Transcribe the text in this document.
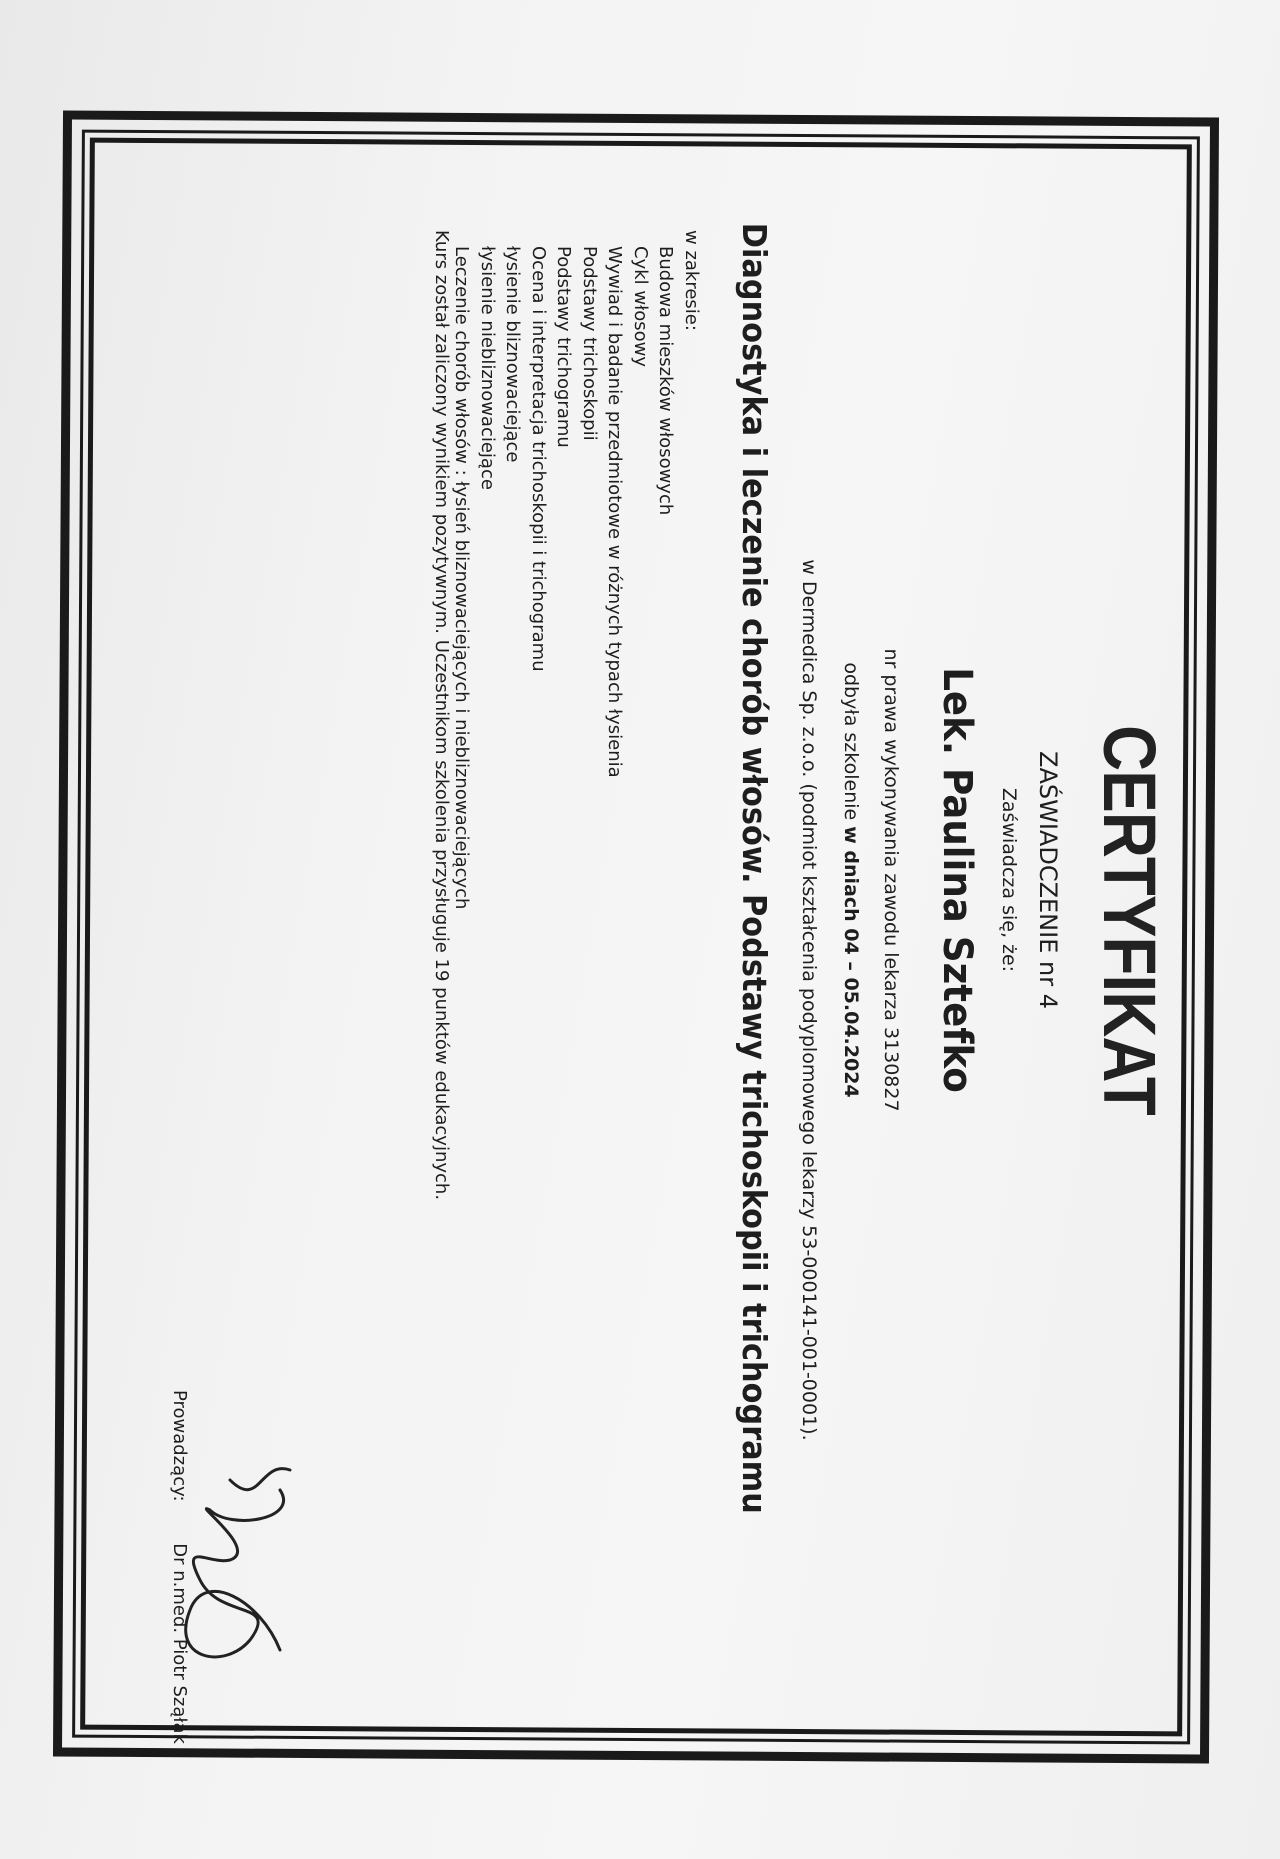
CERTYFIKAT
ZAŚWIADCZENIE nr 4
Zaświadcza się, że:
Lek. Paulina Sztefko
nr prawa wykonywania zawodu lekarza 3130827
odbyła szkolenie w dniach 04 – 05.04.2024
w Dermedica Sp. z.o.o. (podmiot kształcenia podyplomowego lekarzy 53-000141-001-0001).
Diagnostyka i leczenie chorób włosów. Podstawy trichoskopii i trichogramu
w zakresie:
Budowa mieszków włosowych
Cykl włosowy
Wywiad i badanie przedmiotowe w różnych typach łysienia
Podstawy trichoskopii
Podstawy trichogramu
Ocena i interpretacja trichoskopii i trichogramu
łysienie bliznowaciejące
łysienie niebliznowaciejące
Leczenie chorób włosów : łysień bliznowaciejących i niebliznowaciejących
Kurs został zaliczony wynikiem pozytywnym. Uczestnikom szkolenia przysługuje 19 punktów edukacyjnych.
Prowadzący: Dr n.med. Piotr Sząłak
